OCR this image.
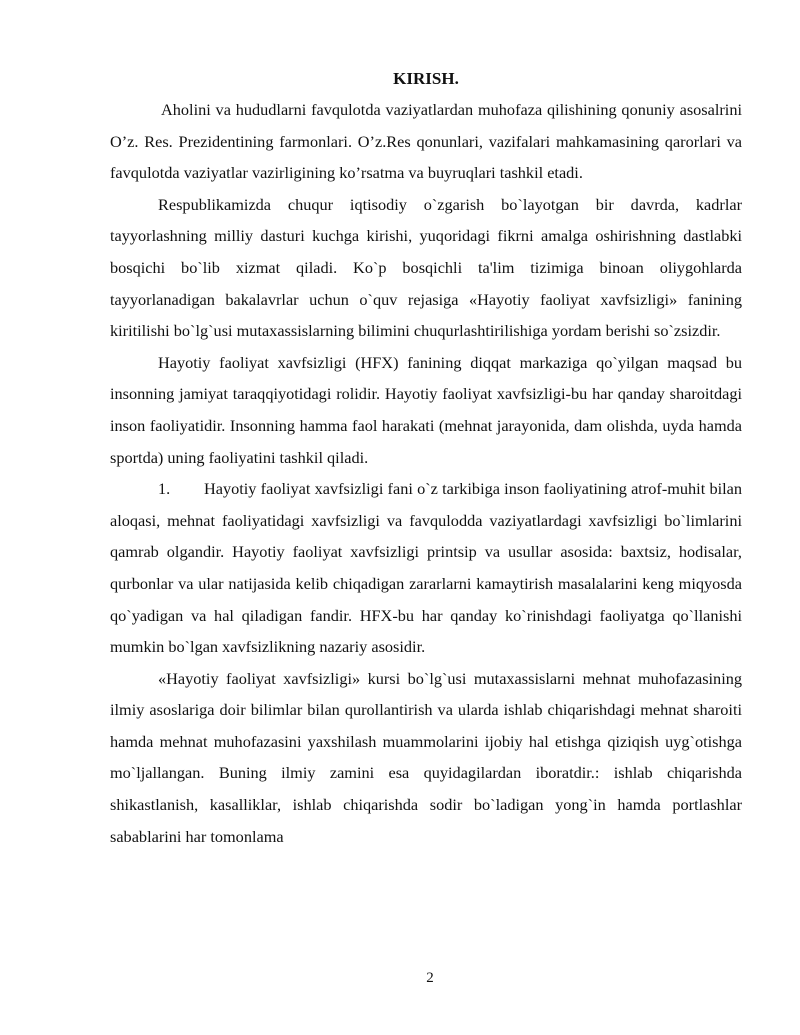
KIRISH.

Aholini va hududlarni favqulotda vaziyatlardan muhofaza qilishining qonuniy asosalrini O’z. Res. Prezidentining farmonlari. O’z.Res qonunlari, vazifalari mahkamasining qarorlari va favqulotda vaziyatlar vazirligining ko’rsatma va buyruqlari tashkil etadi.

Respublikamizda chuqur iqtisodiy o`zgarish bo`layotgan bir davrda, kadrlar tayyorlashning milliy dasturi kuchga kirishi, yuqoridagi fikrni amalga oshirishning dastlabki bosqichi bo`lib xizmat qiladi. Ko`p bosqichli ta'lim tizimiga binoan oliygohlarda tayyorlanadigan bakalavrlar uchun o`quv rejasiga «Hayotiy faoliyat xavfsizligi» fanining kiritilishi bo`lg`usi mutaxassislarning bilimini chuqurlashtirilishiga yordam berishi so`zsizdir.

Hayotiy faoliyat xavfsizligi (HFX) fanining diqqat markaziga qo`yilgan maqsad bu insonning jamiyat taraqqiyotidagi rolidir. Hayotiy faoliyat xavfsizligi-bu har qanday sharoitdagi inson faoliyatidir. Insonning hamma faol harakati (mehnat jarayonida, dam olishda, uyda hamda sportda) uning faoliyatini tashkil qiladi.

1. Hayotiy faoliyat xavfsizligi fani o`z tarkibiga inson faoliyatining atrof-muhit bilan aloqasi, mehnat faoliyatidagi xavfsizligi va favqulodda vaziyatlardagi xavfsizligi bo`limlarini qamrab olgandir. Hayotiy faoliyat xavfsizligi printsip va usullar asosida: baxtsiz, hodisalar, qurbonlar va ular natijasida kelib chiqadigan zararlarni kamaytirish masalalarini keng miqyosda qo`yadigan va hal qiladigan fandir. HFX-bu har qanday ko`rinishdagi faoliyatga qo`llanishi mumkin bo`lgan xavfsizlikning nazariy asosidir.

«Hayotiy faoliyat xavfsizligi» kursi bo`lg`usi mutaxassislarni mehnat muhofazasining ilmiy asoslariga doir bilimlar bilan qurollantirish va ularda ishlab chiqarishdagi mehnat sharoiti hamda mehnat muhofazasini yaxshilash muammolarini ijobiy hal etishga qiziqish uyg`otishga mo`ljallangan. Buning ilmiy zamini esa quyidagilardan iboratdir.: ishlab chiqarishda shikastlanish, kasalliklar, ishlab chiqarishda sodir bo`ladigan yong`in hamda portlashlar sabablarini har tomonlama

2
